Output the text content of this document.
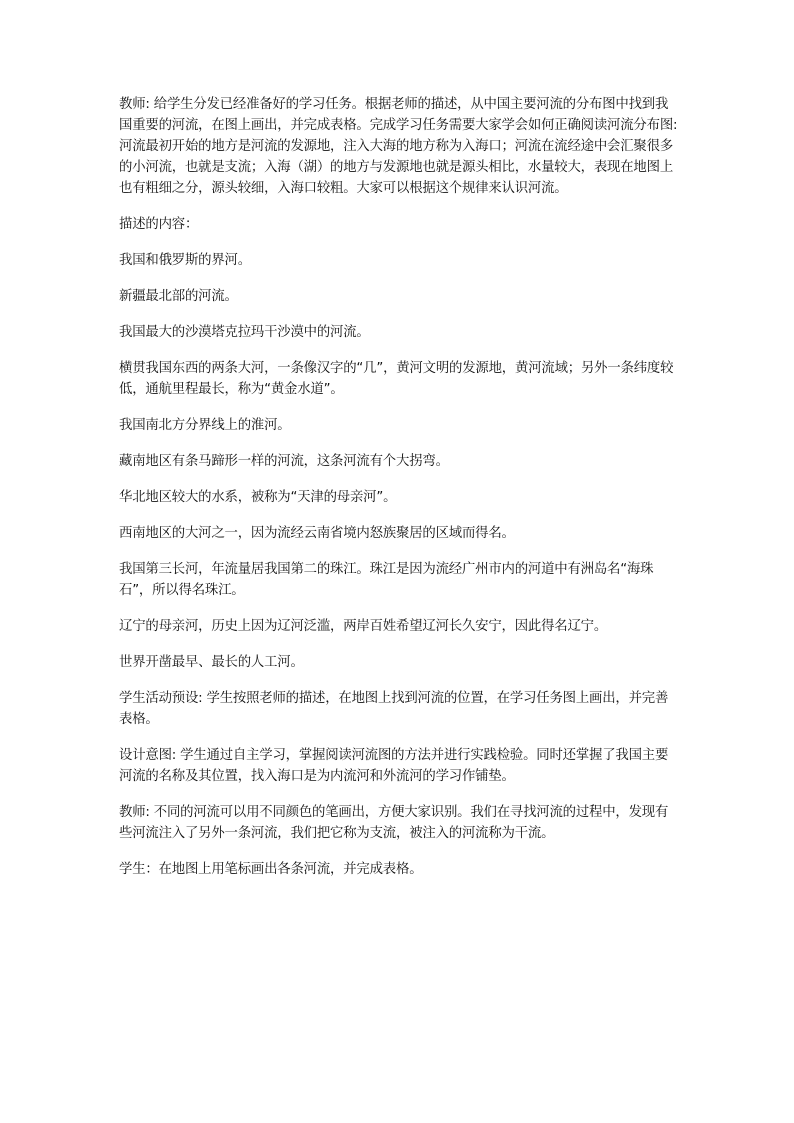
教师: 给学生分发已经准备好的学习任务。根据老师的描述，从中国主要河流的分布图中找到我国重要的河流，在图上画出，并完成表格。完成学习任务需要大家学会如何正确阅读河流分布图: 河流最初开始的地方是河流的发源地，注入大海的地方称为入海口；河流在流经途中会汇聚很多的小河流，也就是支流；入海（湖）的地方与发源地也就是源头相比，水量较大，表现在地图上也有粗细之分，源头较细，入海口较粗。大家可以根据这个规律来认识河流。

描述的内容：

我国和俄罗斯的界河。

新疆最北部的河流。

我国最大的沙漠塔克拉玛干沙漠中的河流。

横贯我国东西的两条大河，一条像汉字的“几”，黄河文明的发源地，黄河流域；另外一条纬度较低，通航里程最长，称为“黄金水道”。

我国南北方分界线上的淮河。

藏南地区有条马蹄形一样的河流，这条河流有个大拐弯。

华北地区较大的水系，被称为“天津的母亲河”。

西南地区的大河之一，因为流经云南省境内怒族聚居的区域而得名。

我国第三长河，年流量居我国第二的珠江。珠江是因为流经广州市内的河道中有洲岛名“海珠石”，所以得名珠江。

辽宁的母亲河，历史上因为辽河泛滥，两岸百姓希望辽河长久安宁，因此得名辽宁。

世界开凿最早、最长的人工河。

学生活动预设: 学生按照老师的描述，在地图上找到河流的位置，在学习任务图上画出，并完善表格。

设计意图: 学生通过自主学习，掌握阅读河流图的方法并进行实践检验。同时还掌握了我国主要河流的名称及其位置，找入海口是为内流河和外流河的学习作铺垫。

教师: 不同的河流可以用不同颜色的笔画出，方便大家识别。我们在寻找河流的过程中，发现有些河流注入了另外一条河流，我们把它称为支流，被注入的河流称为干流。

学生：在地图上用笔标画出各条河流，并完成表格。
